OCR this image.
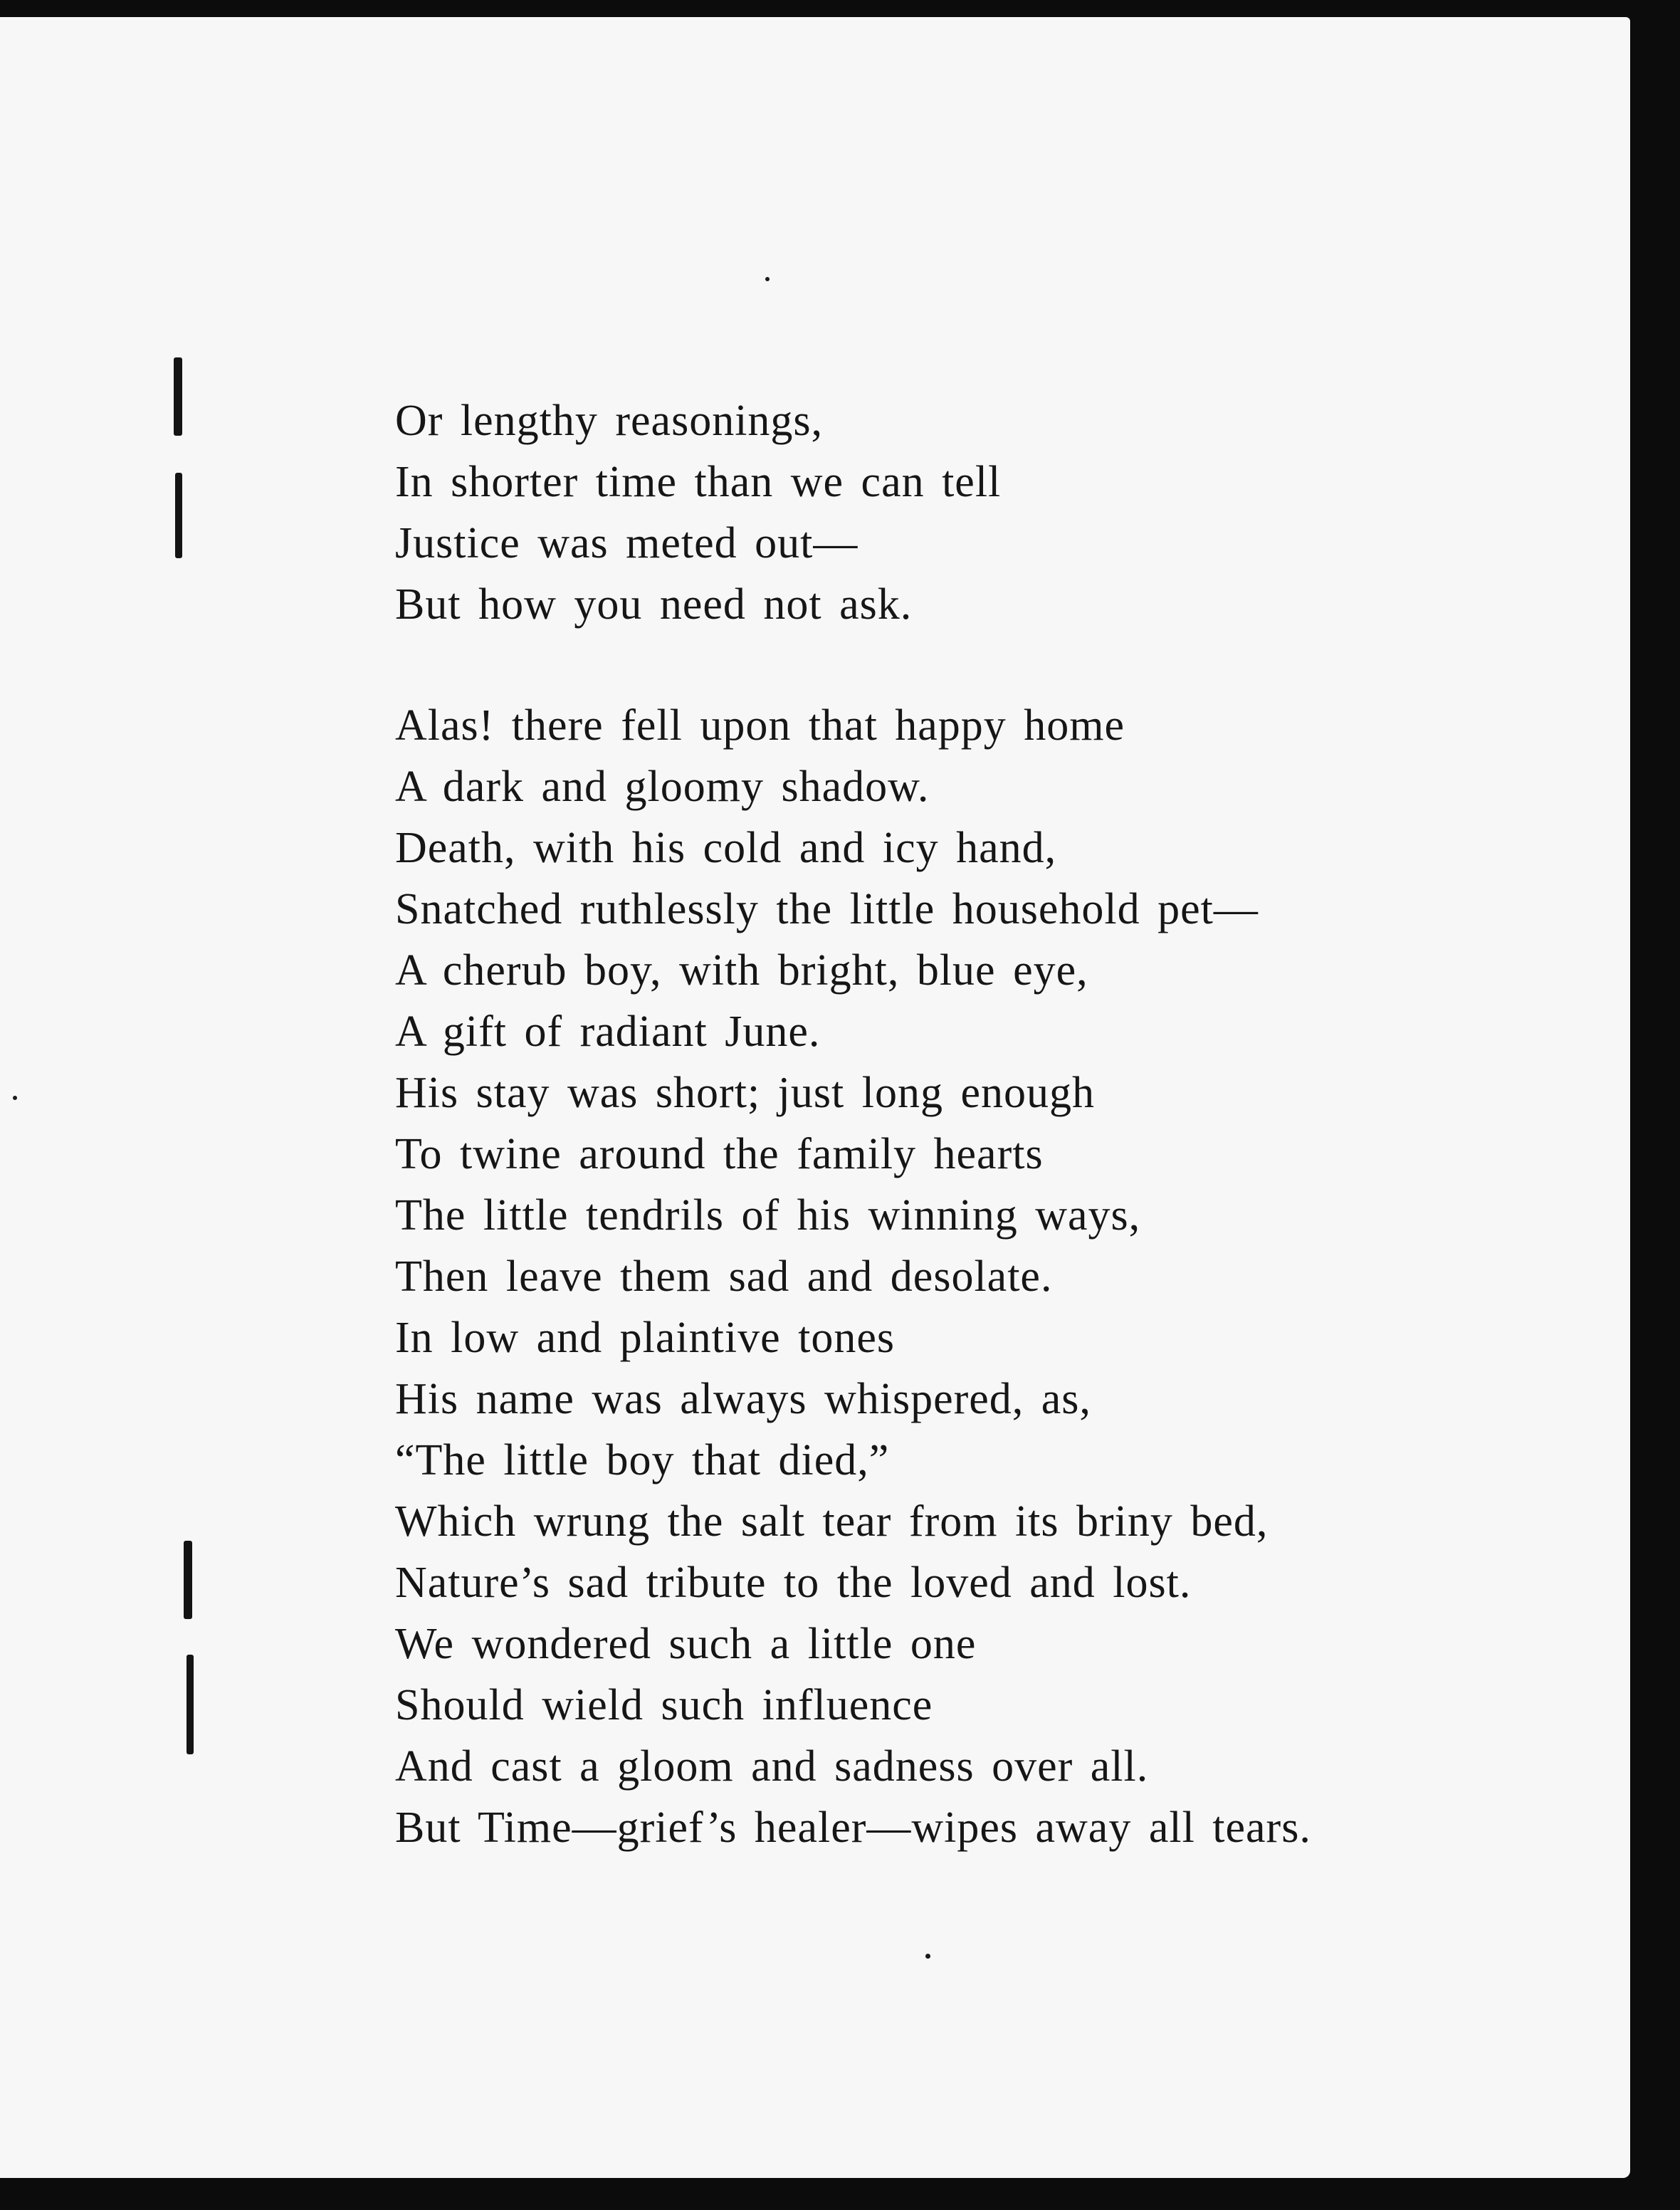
Or lengthy reasonings,
In shorter time than we can tell
Justice was meted out—
But how you need not ask.
Alas! there fell upon that happy home
A dark and gloomy shadow.
Death, with his cold and icy hand,
Snatched ruthlessly the little household pet—
A cherub boy, with bright, blue eye,
A gift of radiant June.
His stay was short; just long enough
To twine around the family hearts
The little tendrils of his winning ways,
Then leave them sad and desolate.
In low and plaintive tones
His name was always whispered, as,
“The little boy that died,”
Which wrung the salt tear from its briny bed,
Nature’s sad tribute to the loved and lost.
We wondered such a little one
Should wield such influence
And cast a gloom and sadness over all.
But Time—grief’s healer—wipes away all tears.
